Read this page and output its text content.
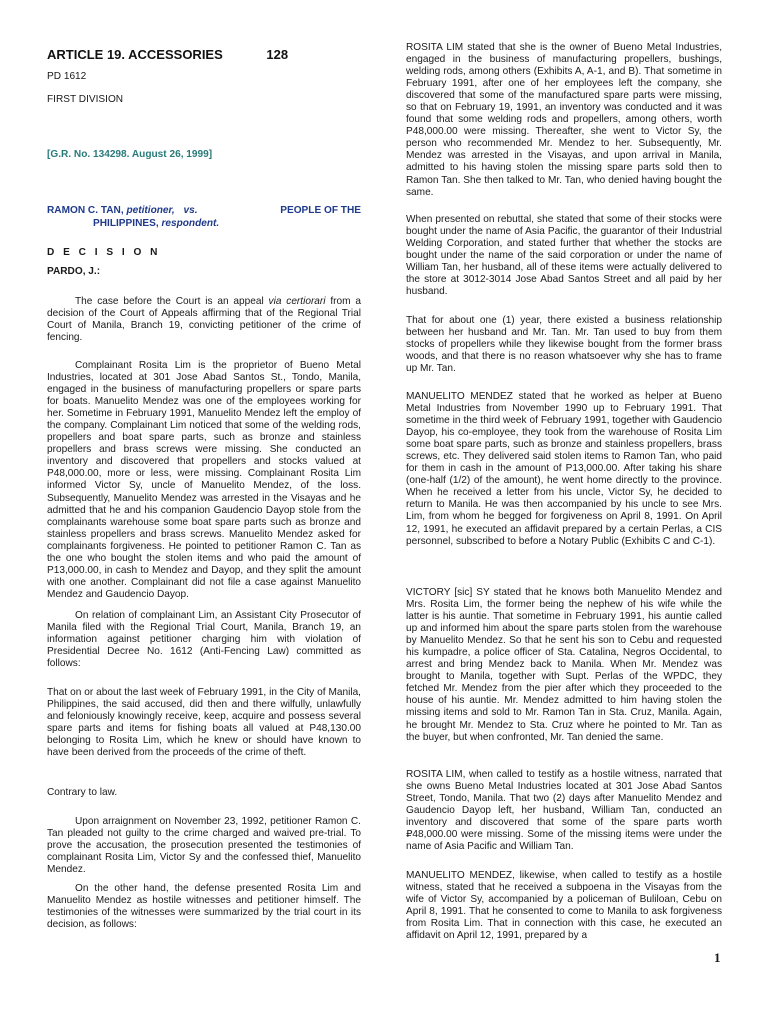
ARTICLE 19. ACCESSORIES	128

PD 1612

FIRST DIVISION

[G.R. No. 134298. August 26, 1999]

RAMON C. TAN, petitioner, vs.	PEOPLE OF THE
PHILIPPINES, respondent.

D E C I S I O N

PARDO, J.:

The case before the Court is an appeal via certiorari from a decision of the Court of Appeals affirming that of the Regional Trial Court of Manila, Branch 19, convicting petitioner of the crime of fencing.

Complainant Rosita Lim is the proprietor of Bueno Metal Industries, located at 301 Jose Abad Santos St., Tondo, Manila, engaged in the business of manufacturing propellers or spare parts for boats. Manuelito Mendez was one of the employees working for her. Sometime in February 1991, Manuelito Mendez left the employ of the company. Complainant Lim noticed that some of the welding rods, propellers and boat spare parts, such as bronze and stainless propellers and brass screws were missing. She conducted an inventory and discovered that propellers and stocks valued at P48,000.00, more or less, were missing. Complainant Rosita Lim informed Victor Sy, uncle of Manuelito Mendez, of the loss. Subsequently, Manuelito Mendez was arrested in the Visayas and he admitted that he and his companion Gaudencio Dayop stole from the complainants warehouse some boat spare parts such as bronze and stainless propellers and brass screws. Manuelito Mendez asked for complainants forgiveness. He pointed to petitioner Ramon C. Tan as the one who bought the stolen items and who paid the amount of P13,000.00, in cash to Mendez and Dayop, and they split the amount with one another. Complainant did not file a case against Manuelito Mendez and Gaudencio Dayop.

On relation of complainant Lim, an Assistant City Prosecutor of Manila filed with the Regional Trial Court, Manila, Branch 19, an information against petitioner charging him with violation of Presidential Decree No. 1612 (Anti-Fencing Law) committed as follows:

That on or about the last week of February 1991, in the City of Manila, Philippines, the said accused, did then and there wilfully, unlawfully and feloniously knowingly receive, keep, acquire and possess several spare parts and items for fishing boats all valued at P48,130.00 belonging to Rosita Lim, which he knew or should have known to have been derived from the proceeds of the crime of theft.

Contrary to law.

Upon arraignment on November 23, 1992, petitioner Ramon C. Tan pleaded not guilty to the crime charged and waived pre-trial. To prove the accusation, the prosecution presented the testimonies of complainant Rosita Lim, Victor Sy and the confessed thief, Manuelito Mendez.

On the other hand, the defense presented Rosita Lim and Manuelito Mendez as hostile witnesses and petitioner himself. The testimonies of the witnesses were summarized by the trial court in its decision, as follows:

ROSITA LIM stated that she is the owner of Bueno Metal Industries, engaged in the business of manufacturing propellers, bushings, welding rods, among others (Exhibits A, A-1, and B). That sometime in February 1991, after one of her employees left the company, she discovered that some of the manufactured spare parts were missing, so that on February 19, 1991, an inventory was conducted and it was found that some welding rods and propellers, among others, worth P48,000.00 were missing. Thereafter, she went to Victor Sy, the person who recommended Mr. Mendez to her. Subsequently, Mr. Mendez was arrested in the Visayas, and upon arrival in Manila, admitted to his having stolen the missing spare parts sold then to Ramon Tan. She then talked to Mr. Tan, who denied having bought the same.

When presented on rebuttal, she stated that some of their stocks were bought under the name of Asia Pacific, the guarantor of their Industrial Welding Corporation, and stated further that whether the stocks are bought under the name of the said corporation or under the name of William Tan, her husband, all of these items were actually delivered to the store at 3012-3014 Jose Abad Santos Street and all paid by her husband.

That for about one (1) year, there existed a business relationship between her husband and Mr. Tan. Mr. Tan used to buy from them stocks of propellers while they likewise bought from the former brass woods, and that there is no reason whatsoever why she has to frame up Mr. Tan.

MANUELITO MENDEZ stated that he worked as helper at Bueno Metal Industries from November 1990 up to February 1991. That sometime in the third week of February 1991, together with Gaudencio Dayop, his co-employee, they took from the warehouse of Rosita Lim some boat spare parts, such as bronze and stainless propellers, brass screws, etc. They delivered said stolen items to Ramon Tan, who paid for them in cash in the amount of P13,000.00. After taking his share (one-half (1/2) of the amount), he went home directly to the province. When he received a letter from his uncle, Victor Sy, he decided to return to Manila. He was then accompanied by his uncle to see Mrs. Lim, from whom he begged for forgiveness on April 8, 1991. On April 12, 1991, he executed an affidavit prepared by a certain Perlas, a CIS personnel, subscribed to before a Notary Public (Exhibits C and C-1).

VICTORY [sic] SY stated that he knows both Manuelito Mendez and Mrs. Rosita Lim, the former being the nephew of his wife while the latter is his auntie. That sometime in February 1991, his auntie called up and informed him about the spare parts stolen from the warehouse by Manuelito Mendez. So that he sent his son to Cebu and requested his kumpadre, a police officer of Sta. Catalina, Negros Occidental, to arrest and bring Mendez back to Manila. When Mr. Mendez was brought to Manila, together with Supt. Perlas of the WPDC, they fetched Mr. Mendez from the pier after which they proceeded to the house of his auntie. Mr. Mendez admitted to him having stolen the missing items and sold to Mr. Ramon Tan in Sta. Cruz, Manila. Again, he brought Mr. Mendez to Sta. Cruz where he pointed to Mr. Tan as the buyer, but when confronted, Mr. Tan denied the same.

ROSITA LIM, when called to testify as a hostile witness, narrated that she owns Bueno Metal Industries located at 301 Jose Abad Santos Street, Tondo, Manila. That two (2) days after Manuelito Mendez and Gaudencio Dayop left, her husband, William Tan, conducted an inventory and discovered that some of the spare parts worth ₽48,000.00 were missing. Some of the missing items were under the name of Asia Pacific and William Tan.

MANUELITO MENDEZ, likewise, when called to testify as a hostile witness, stated that he received a subpoena in the Visayas from the wife of Victor Sy, accompanied by a policeman of Buliloan, Cebu on April 8, 1991. That he consented to come to Manila to ask forgiveness from Rosita Lim. That in connection with this case, he executed an affidavit on April 12, 1991, prepared by a

1
